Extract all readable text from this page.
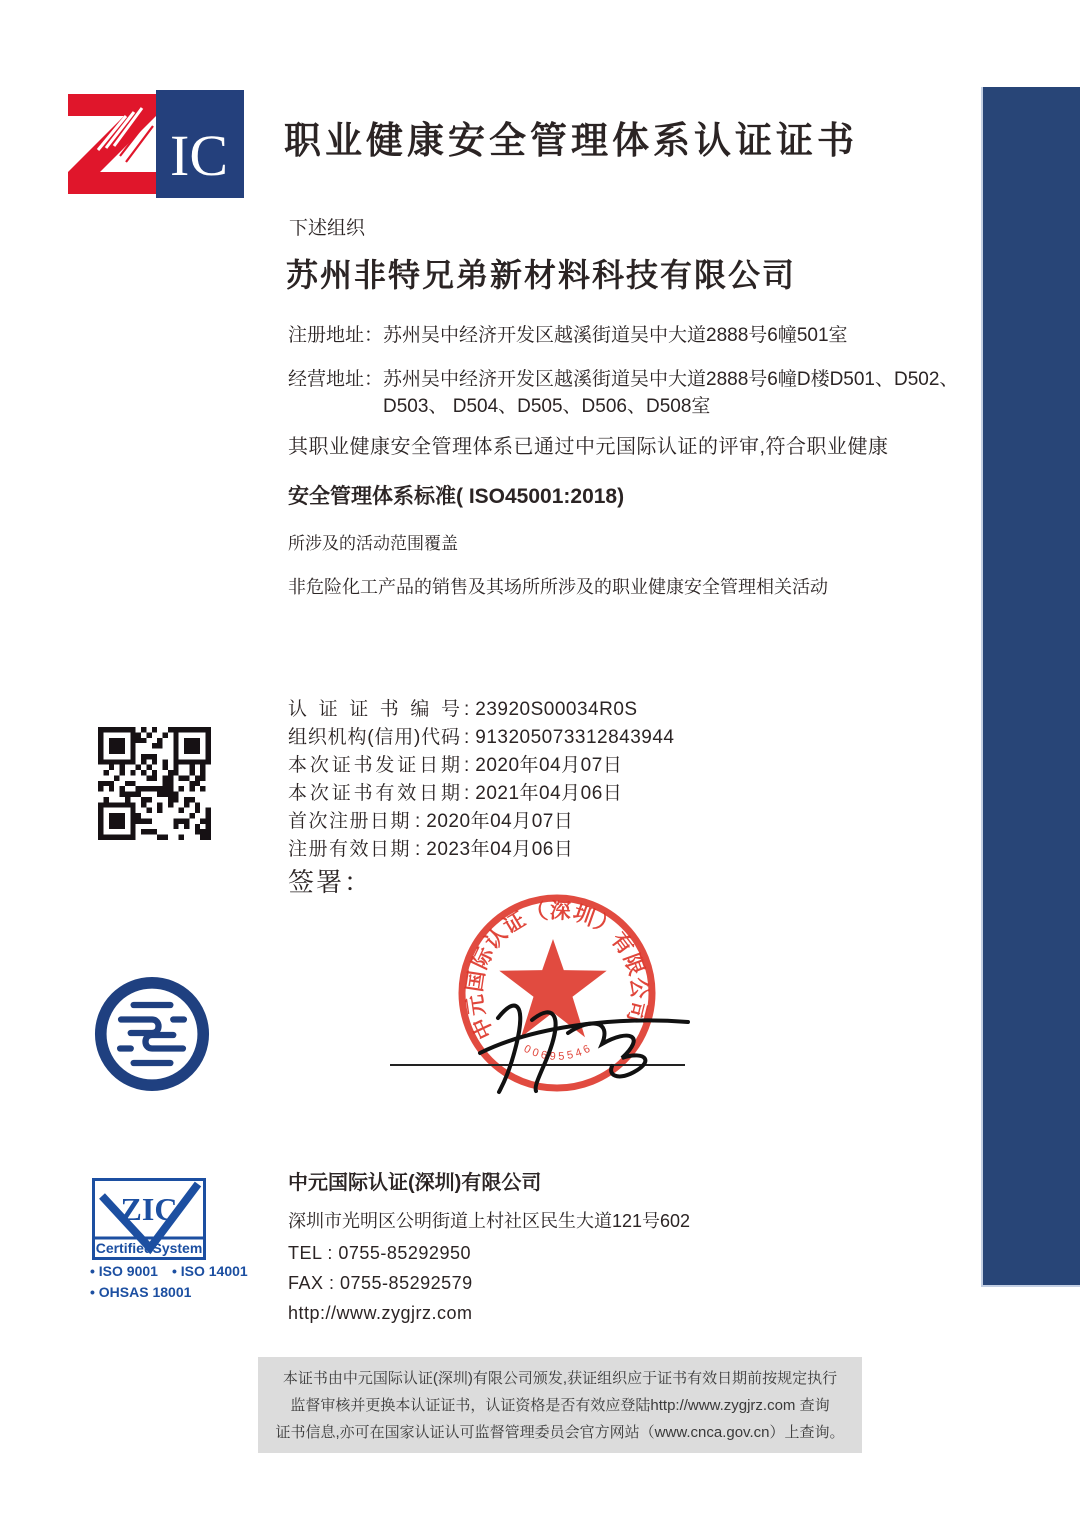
IC 职业健康安全管理体系认证证书
下述组织
苏州非特兄弟新材料科技有限公司
注册地址： 苏州吴中经济开发区越溪街道吴中大道2888号6幢501室
经营地址： 苏州吴中经济开发区越溪街道吴中大道2888号6幢D楼D501、D502、
D503、 D504、D505、D506、D508室
其职业健康安全管理体系已通过中元国际认证的评审,符合职业健康
安全管理体系标准( ISO45001:2018)
所涉及的活动范围覆盖
非危险化工产品的销售及其场所所涉及的职业健康安全管理相关活动
认证证书编号 : 23920S00034R0S
组织机构(信用)代码 : 913205073312843944
本次证书发证日期 : 2020年04月07日
本次证书有效日期 : 2021年04月06日
首次注册日期 : 2020年04月07日
注册有效日期 : 2023年04月06日
签署：
中元国际认证（深圳）有限公司
0 0 6 9 5 5 4 6
中元国际认证(深圳)有限公司
深圳市光明区公明街道上村社区民生大道121号602
TEL : 0755-85292950
FAX : 0755-85292579
http://www.zygjrz.com
ZIC
CertifiedSystem
• ISO 9001 • ISO 14001
• OHSAS 18001
本证书由中元国际认证(深圳)有限公司颁发,获证组织应于证书有效日期前按规定执行
监督审核并更换本认证证书，认证资格是否有效应登陆http://www.zygjrz.com 查询
证书信息,亦可在国家认证认可监督管理委员会官方网站（www.cnca.gov.cn）上查询。
